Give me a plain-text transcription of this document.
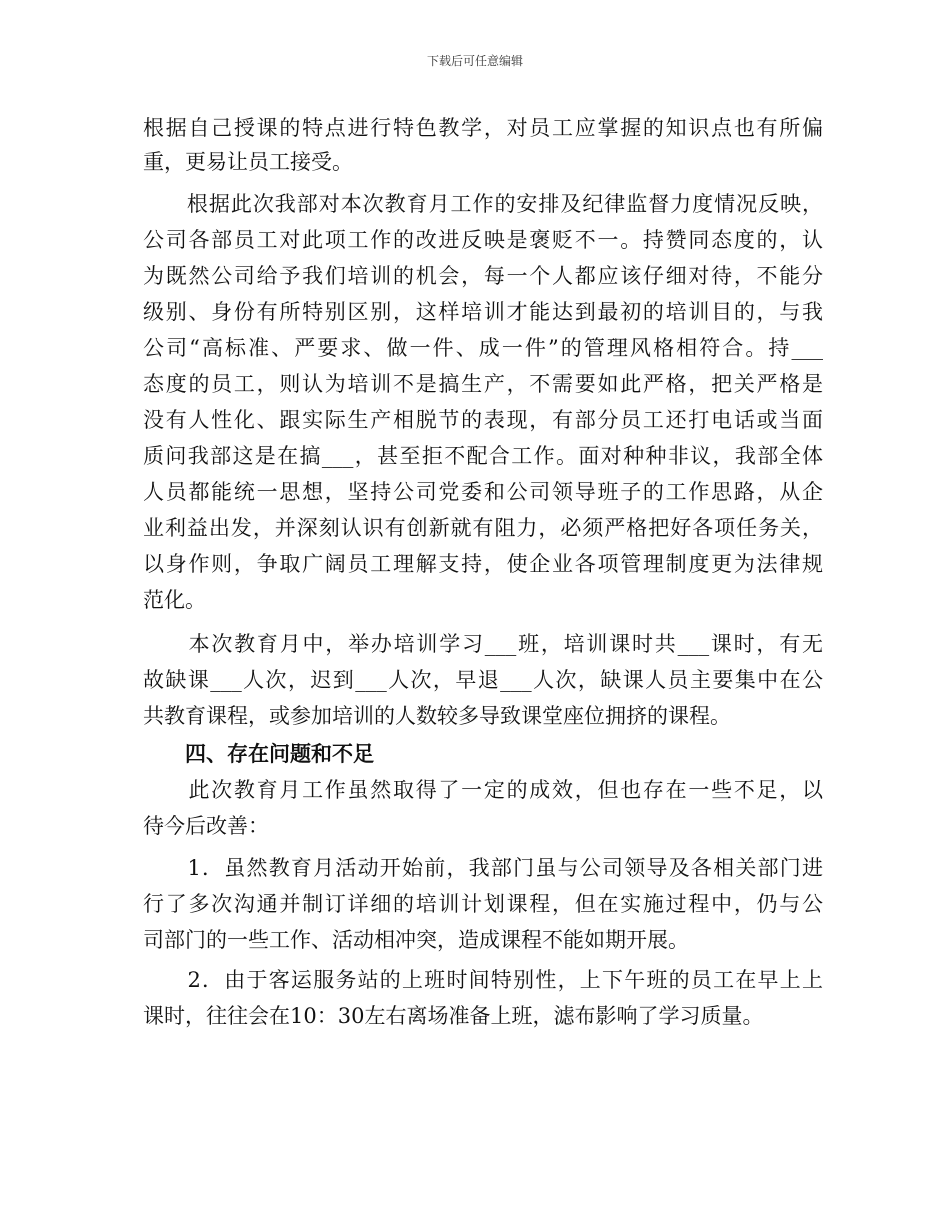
下载后可任意编辑
根据自己授课的特点进行特色教学，对员工应掌握的知识点也有所偏
重，更易让员工接受。
　　根据此次我部对本次教育月工作的安排及纪律监督力度情况反映，
公司各部员工对此项工作的改进反映是褒贬不一。持赞同态度的，认
为既然公司给予我们培训的机会，每一个人都应该仔细对待，不能分
级别、身份有所特别区别，这样培训才能达到最初的培训目的，与我
公司“高标准、严要求、做一件、成一件”的管理风格相符合。持___
态度的员工，则认为培训不是搞生产，不需要如此严格，把关严格是
没有人性化、跟实际生产相脱节的表现，有部分员工还打电话或当面
质问我部这是在搞___，甚至拒不配合工作。面对种种非议，我部全体
人员都能统一思想，坚持公司党委和公司领导班子的工作思路，从企
业利益出发，并深刻认识有创新就有阻力，必须严格把好各项任务关，
以身作则，争取广阔员工理解支持，使企业各项管理制度更为法律规
范化。
　　本次教育月中，举办培训学习___班，培训课时共___课时，有无
故缺课___人次，迟到___人次，早退___人次，缺课人员主要集中在公
共教育课程，或参加培训的人数较多导致课堂座位拥挤的课程。
　　四、存在问题和不足
　　此次教育月工作虽然取得了一定的成效，但也存在一些不足，以
待今后改善：
　　1．虽然教育月活动开始前，我部门虽与公司领导及各相关部门进
行了多次沟通并制订详细的培训计划课程，但在实施过程中，仍与公
司部门的一些工作、活动相冲突，造成课程不能如期开展。
　　2．由于客运服务站的上班时间特别性，上下午班的员工在早上上
课时，往往会在10：30左右离场准备上班，滤布影响了学习质量。
